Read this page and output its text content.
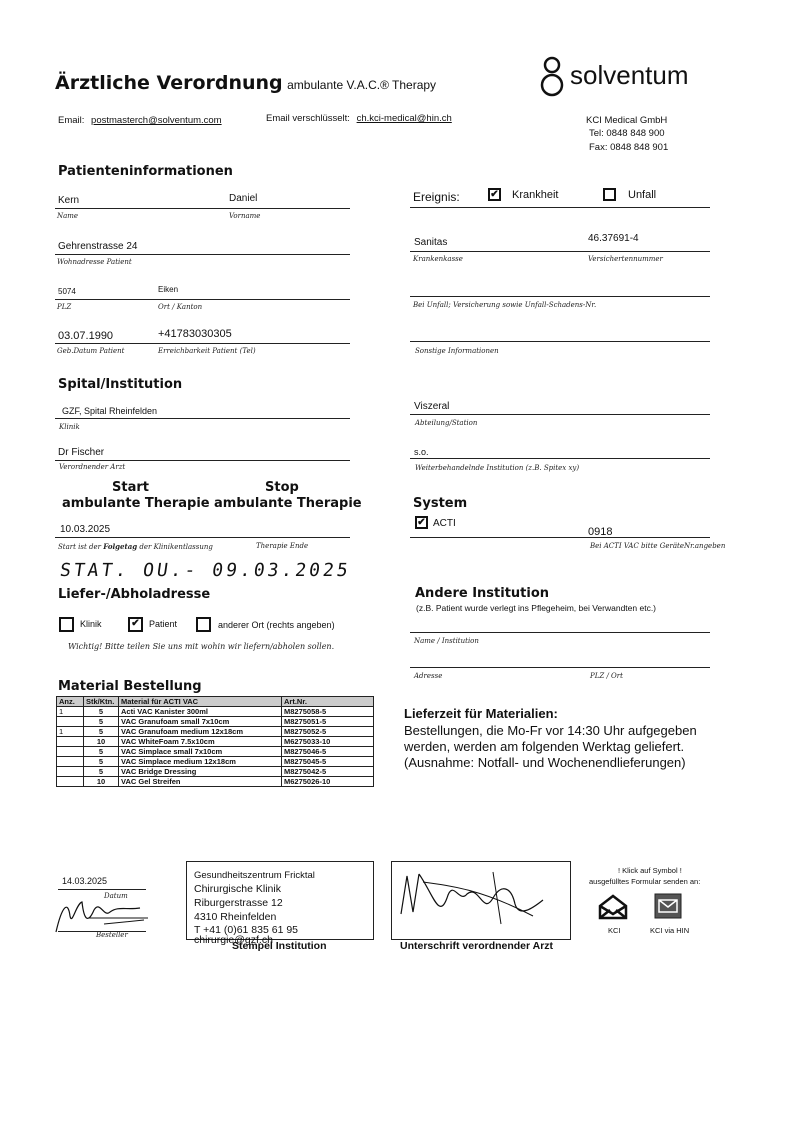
Ärztliche Verordnung ambulante V.A.C.® Therapy	solventum
Email: postmasterch@solventum.com	Email verschlüsselt: ch.kci-medical@hin.ch	KCI Medical GmbH
Tel: 0848 848 900
Fax: 0848 848 901
Patienteninformationen
Kern	Daniel
Name	Vorname
Gehrenstrasse 24
Wohnadresse Patient
5074	Eiken
PLZ	Ort / Kanton
03.07.1990	+41783030305
Geb.Datum Patient	Erreichbarkeit Patient (Tel)
Ereignis:	✔ Krankheit	Unfall
Sanitas	46.37691-4
Krankenkasse	Versichertennummer
Bei Unfall; Versicherung sowie Unfall-Schadens-Nr.
Sonstige Informationen
Spital/Institution
GZF, Spital Rheinfelden
Klinik
Viszeral
Abteilung/Station
Dr Fischer
Verordnender Arzt
s.o.
Weiterbehandelnde Institution (z.B. Spitex xy)
Start
ambulante Therapie
Stop
ambulante Therapie
10.03.2025
Start ist der Folgetag der Klinikentlassung	Therapie Ende
STAT. OU.- 09.03.2025
System
✔ ACTI
0918
Bei ACTI VAC bitte GeräteNr.angeben
Liefer-/Abholadresse
Klinik	✔	Patient	anderer Ort (rechts angeben)
Wichtig! Bitte teilen Sie uns mit wohin wir liefern/abholen sollen.
Andere Institution
(z.B. Patient wurde verlegt ins Pflegeheim, bei Verwandten etc.)
Name / Institution
Adresse	PLZ / Ort
Material Bestellung
Anz.	Stk/Ktn.	Material für ACTI VAC	Art.Nr.
1	5	Acti VAC Kanister 300ml	M8275058-5
	5	VAC Granufoam small 7x10cm	M8275051-5
1	5	VAC Granufoam medium 12x18cm	M8275052-5
	10	VAC WhiteFoam 7.5x10cm	M6275033-10
	5	VAC Simplace small 7x10cm	M8275046-5
	5	VAC Simplace medium 12x18cm	M8275045-5
	5	VAC Bridge Dressing	M8275042-5
	10	VAC Gel Streifen	M6275026-10
Lieferzeit für Materialien:
Bestellungen, die Mo-Fr vor 14:30 Uhr aufgegeben
werden, werden am folgenden Werktag geliefert.
(Ausnahme: Notfall- und Wochenendlieferungen)
14.03.2025
Datum
Besteller
Gesundheitszentrum Fricktal
Chirurgische Klinik
Riburgerstrasse 12
4310 Rheinfelden
T +41 (0)61 835 61 95
chirurgie@gzf.ch
Stempel Institution	Unterschrift verordnender Arzt
! Klick auf Symbol !
ausgefülltes Formular senden an:
KCI	KCI via HIN
